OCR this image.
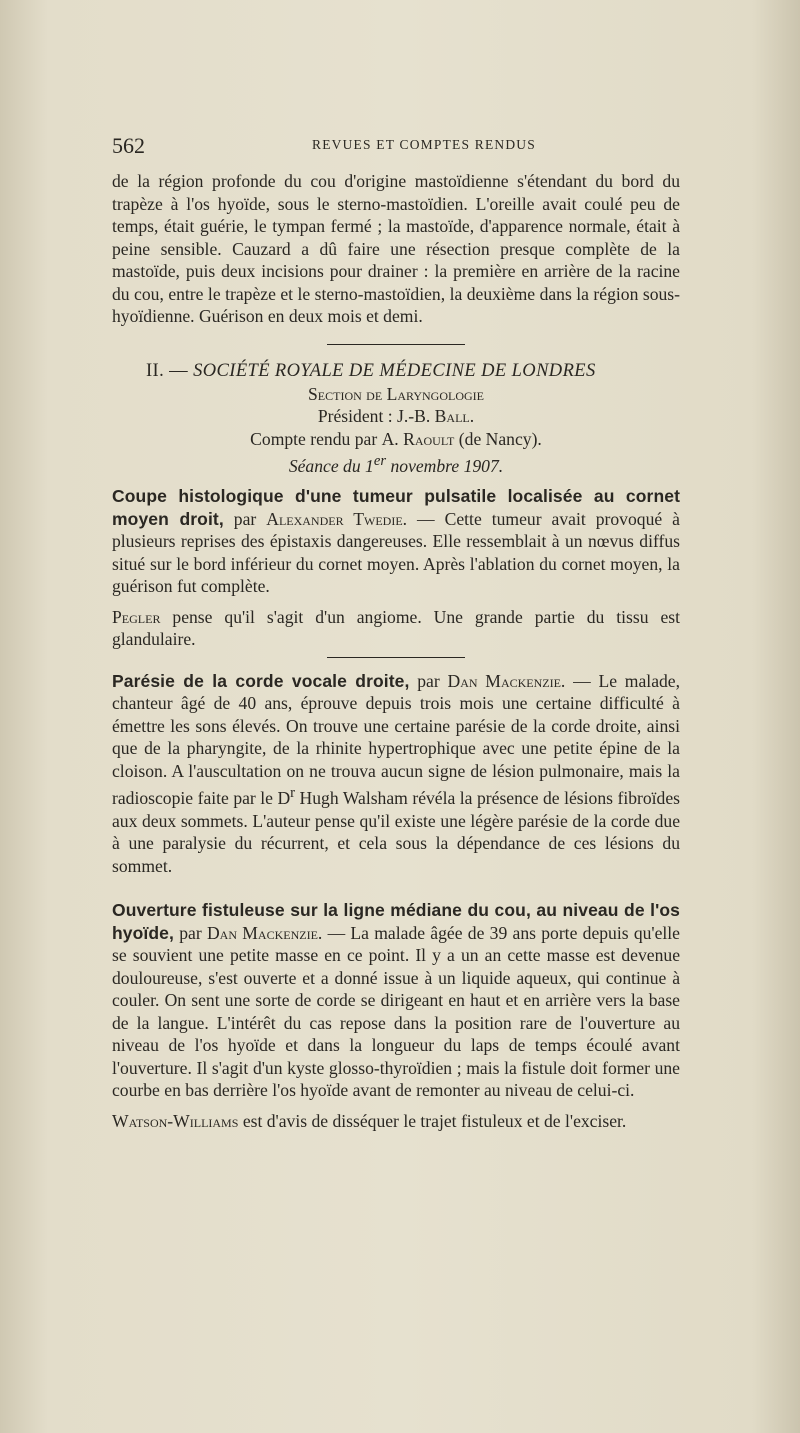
562	REVUES ET COMPTES RENDUS

de la région profonde du cou d'origine mastoïdienne s'étendant du bord du trapèze à l'os hyoïde, sous le sterno-mastoïdien. L'oreille avait coulé peu de temps, était guérie, le tympan fermé ; la mastoïde, d'apparence normale, était à peine sensible. Cauzard a dû faire une résection presque complète de la mastoïde, puis deux incisions pour drainer : la première en arrière de la racine du cou, entre le trapèze et le sterno-mastoïdien, la deuxième dans la région sous-hyoïdienne. Guérison en deux mois et demi.

II. — SOCIÉTÉ ROYALE DE MÉDECINE DE LONDRES

Section de Laryngologie

Président : J.-B. Ball.

Compte rendu par A. Raoult (de Nancy).

Séance du 1er novembre 1907.

Coupe histologique d'une tumeur pulsatile localisée au cornet moyen droit, par Alexander Twedie. — Cette tumeur avait provoqué à plusieurs reprises des épistaxis dangereuses. Elle ressemblait à un nœvus diffus situé sur le bord inférieur du cornet moyen. Après l'ablation du cornet moyen, la guérison fut complète.

Pegler pense qu'il s'agit d'un angiome. Une grande partie du tissu est glandulaire.

Parésie de la corde vocale droite, par Dan Mackenzie. — Le malade, chanteur âgé de 40 ans, éprouve depuis trois mois une certaine difficulté à émettre les sons élevés. On trouve une certaine parésie de la corde droite, ainsi que de la pharyngite, de la rhinite hypertrophique avec une petite épine de la cloison. A l'auscultation on ne trouva aucun signe de lésion pulmonaire, mais la radioscopie faite par le $D^r$ Hugh Walsham révéla la présence de lésions fibroïdes aux deux sommets. L'auteur pense qu'il existe une légère parésie de la corde due à une paralysie du récurrent, et cela sous la dépendance de ces lésions du sommet.

Ouverture fistuleuse sur la ligne médiane du cou, au niveau de l'os hyoïde, par Dan Mackenzie. — La malade âgée de 39 ans porte depuis qu'elle se souvient une petite masse en ce point. Il y a un an cette masse est devenue douloureuse, s'est ouverte et a donné issue à un liquide aqueux, qui continue à couler. On sent une sorte de corde se dirigeant en haut et en arrière vers la base de la langue. L'intérêt du cas repose dans la position rare de l'ouverture au niveau de l'os hyoïde et dans la longueur du laps de temps écoulé avant l'ouverture. Il s'agit d'un kyste glosso-thyroïdien ; mais la fistule doit former une courbe en bas derrière l'os hyoïde avant de remonter au niveau de celui-ci.

Watson-Williams est d'avis de disséquer le trajet fistuleux et de l'exciser.
